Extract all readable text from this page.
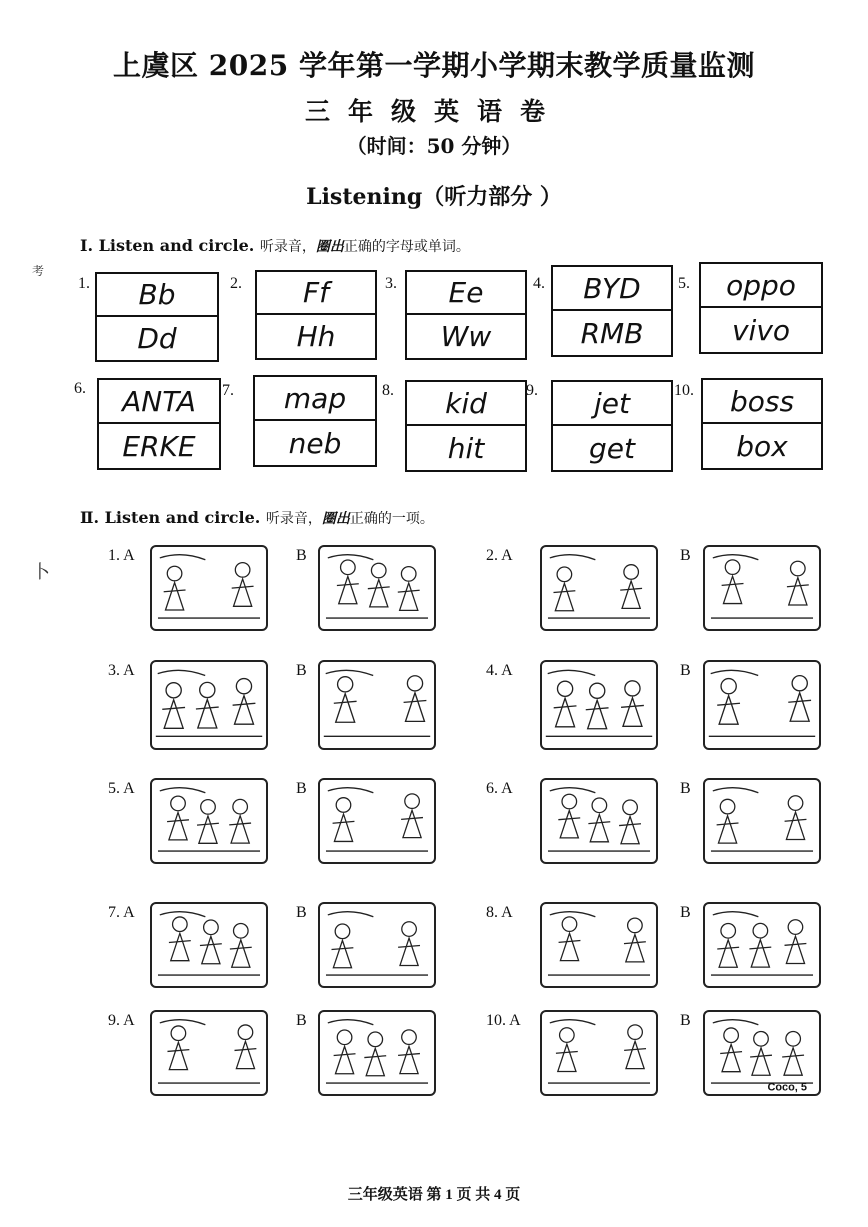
上虞区 2025 学年第一学期小学期末教学质量监测
三年级英语卷
（时间：50 分钟）
Listening（听力部分 ）
考
卜
Ⅰ. Listen and circle. 听录音，圈出正确的字母或单词。
1.	Bb
Dd
2.	Ff
Hh
3.	Ee
Ww
4.	BYD
RMB
5.	oppo
vivo
6.	ANTA
ERKE
7.	map
neb
8.	kid
hit
9.	jet
get
10.	boss
box
Ⅱ. Listen and circle. 听录音，圈出正确的一项。
1. A	B	2. A	B
3. A	B	4. A	B
5. A	B	6. A	B
7. A	B	8. A	B
9. A	B	10. A	B
Coco, 5
三年级英语 第 1 页 共 4 页
